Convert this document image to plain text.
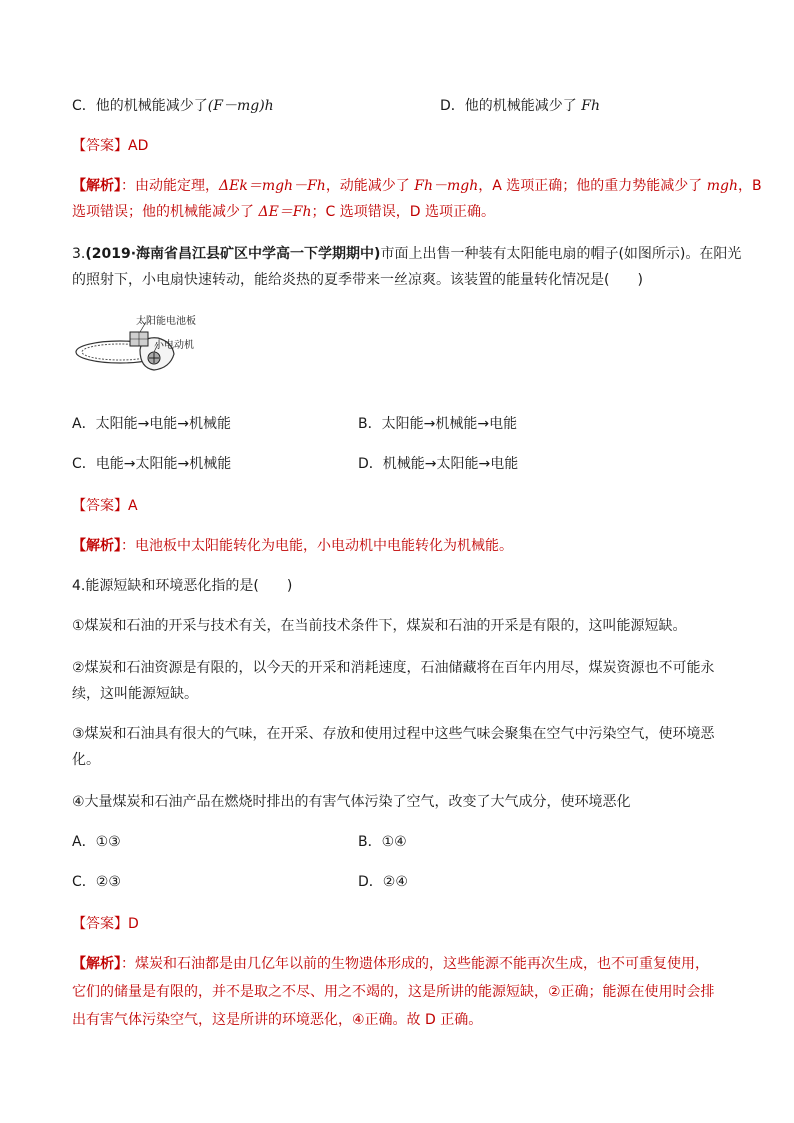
C．他的机械能减少了(F－mg)h	D．他的机械能减少了 Fh
【答案】AD
【解析】：由动能定理，ΔEk＝mgh－Fh，动能减少了 Fh－mgh，A 选项正确；他的重力势能减少了 mgh，B
选项错误；他的机械能减少了 ΔE＝Fh；C 选项错误，D 选项正确。
3.(2019·海南省昌江县矿区中学高一下学期期中)市面上出售一种装有太阳能电扇的帽子(如图所示)。在阳光
的照射下，小电扇快速转动，能给炎热的夏季带来一丝凉爽。该装置的能量转化情况是(　　)
太阳能电池板
小电动机
A．太阳能→电能→机械能	B．太阳能→机械能→电能
C．电能→太阳能→机械能	D．机械能→太阳能→电能
【答案】A
【解析】：电池板中太阳能转化为电能，小电动机中电能转化为机械能。
4.能源短缺和环境恶化指的是(　　)
①煤炭和石油的开采与技术有关，在当前技术条件下，煤炭和石油的开采是有限的，这叫能源短缺。
②煤炭和石油资源是有限的，以今天的开采和消耗速度，石油储藏将在百年内用尽，煤炭资源也不可能永
续，这叫能源短缺。
③煤炭和石油具有很大的气味，在开采、存放和使用过程中这些气味会聚集在空气中污染空气，使环境恶
化。
④大量煤炭和石油产品在燃烧时排出的有害气体污染了空气，改变了大气成分，使环境恶化
A．①③	B．①④
C．②③	D．②④
【答案】D
【解析】：煤炭和石油都是由几亿年以前的生物遗体形成的，这些能源不能再次生成，也不可重复使用，
它们的储量是有限的，并不是取之不尽、用之不竭的，这是所讲的能源短缺，②正确；能源在使用时会排
出有害气体污染空气，这是所讲的环境恶化，④正确。故 D 正确。
